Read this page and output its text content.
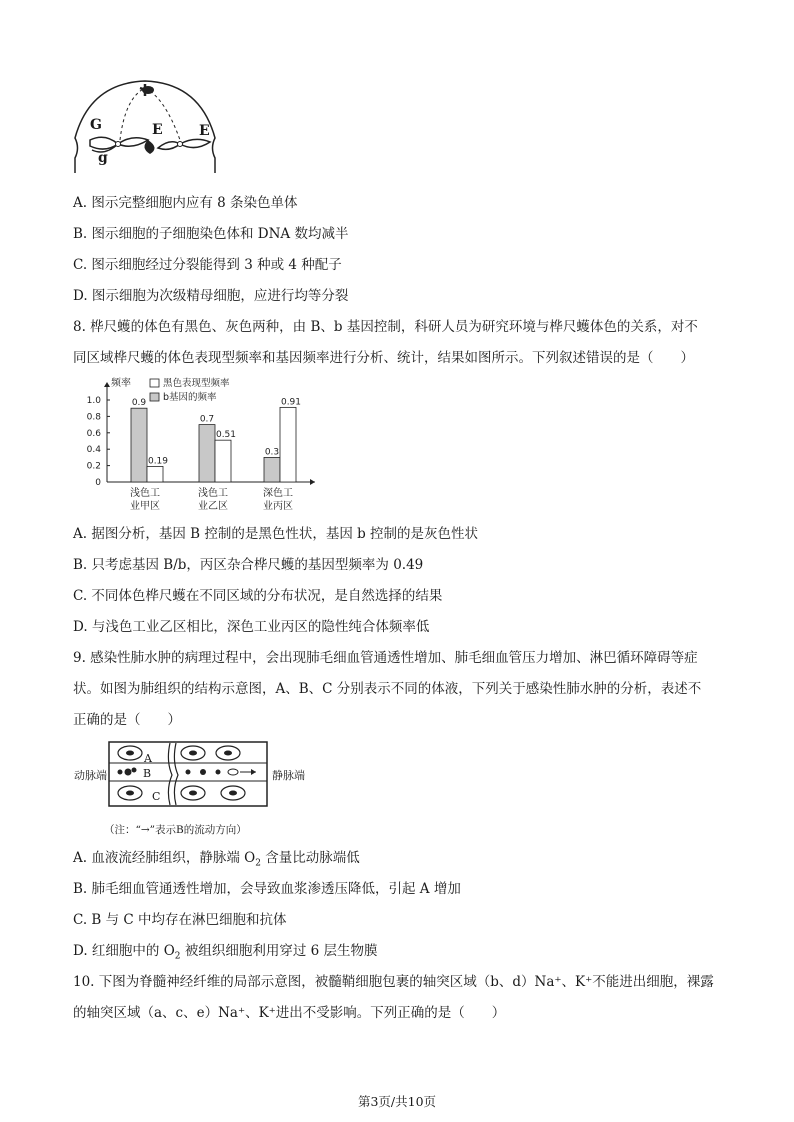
G
g
E	E
A. 图示完整细胞内应有 8 条染色单体
B. 图示细胞的子细胞染色体和 DNA 数均减半
C. 图示细胞经过分裂能得到 3 种或 4 种配子
D. 图示细胞为次级精母细胞，应进行均等分裂
8. 桦尺蠖的体色有黑色、灰色两种，由 B、b 基因控制，科研人员为研究环境与桦尺蠖体色的关系，对不
同区域桦尺蠖的体色表现型频率和基因频率进行分析、统计，结果如图所示。下列叙述错误的是（　　）
频率
0
0.2
0.4
0.6
0.8
1.0
黑色表现型频率
b基因的频率
0.9
0.19
浅色工
业甲区
0.7
0.51
浅色工
业乙区
0.3
0.91
深色工
业丙区
A. 据图分析，基因 B 控制的是黑色性状，基因 b 控制的是灰色性状
B. 只考虑基因 B/b，丙区杂合桦尺蠖的基因型频率为 0.49
C. 不同体色桦尺蠖在不同区域的分布状况，是自然选择的结果
D. 与浅色工业乙区相比，深色工业丙区的隐性纯合体频率低
9. 感染性肺水肿的病理过程中，会出现肺毛细血管通透性增加、肺毛细血管压力增加、淋巴循环障碍等症
状。如图为肺组织的结构示意图，A、B、C 分别表示不同的体液，下列关于感染性肺水肿的分析，表述不
正确的是（　　）
A
B
C
动脉端	静脉端
（注：“→”表示B的流动方向）
A. 血液流经肺组织，静脉端 $O_2$ 含量比动脉端低
B. 肺毛细血管通透性增加，会导致血浆渗透压降低，引起 A 增加
C. B 与 C 中均存在淋巴细胞和抗体
D. 红细胞中的 $O_2$ 被组织细胞利用穿过 6 层生物膜
10. 下图为脊髓神经纤维的局部示意图，被髓鞘细胞包裹的轴突区域（b、d）Na⁺、K⁺不能进出细胞，裸露
的轴突区域（a、c、e）Na⁺、K⁺进出不受影响。下列正确的是（　　）
第3页/共10页
